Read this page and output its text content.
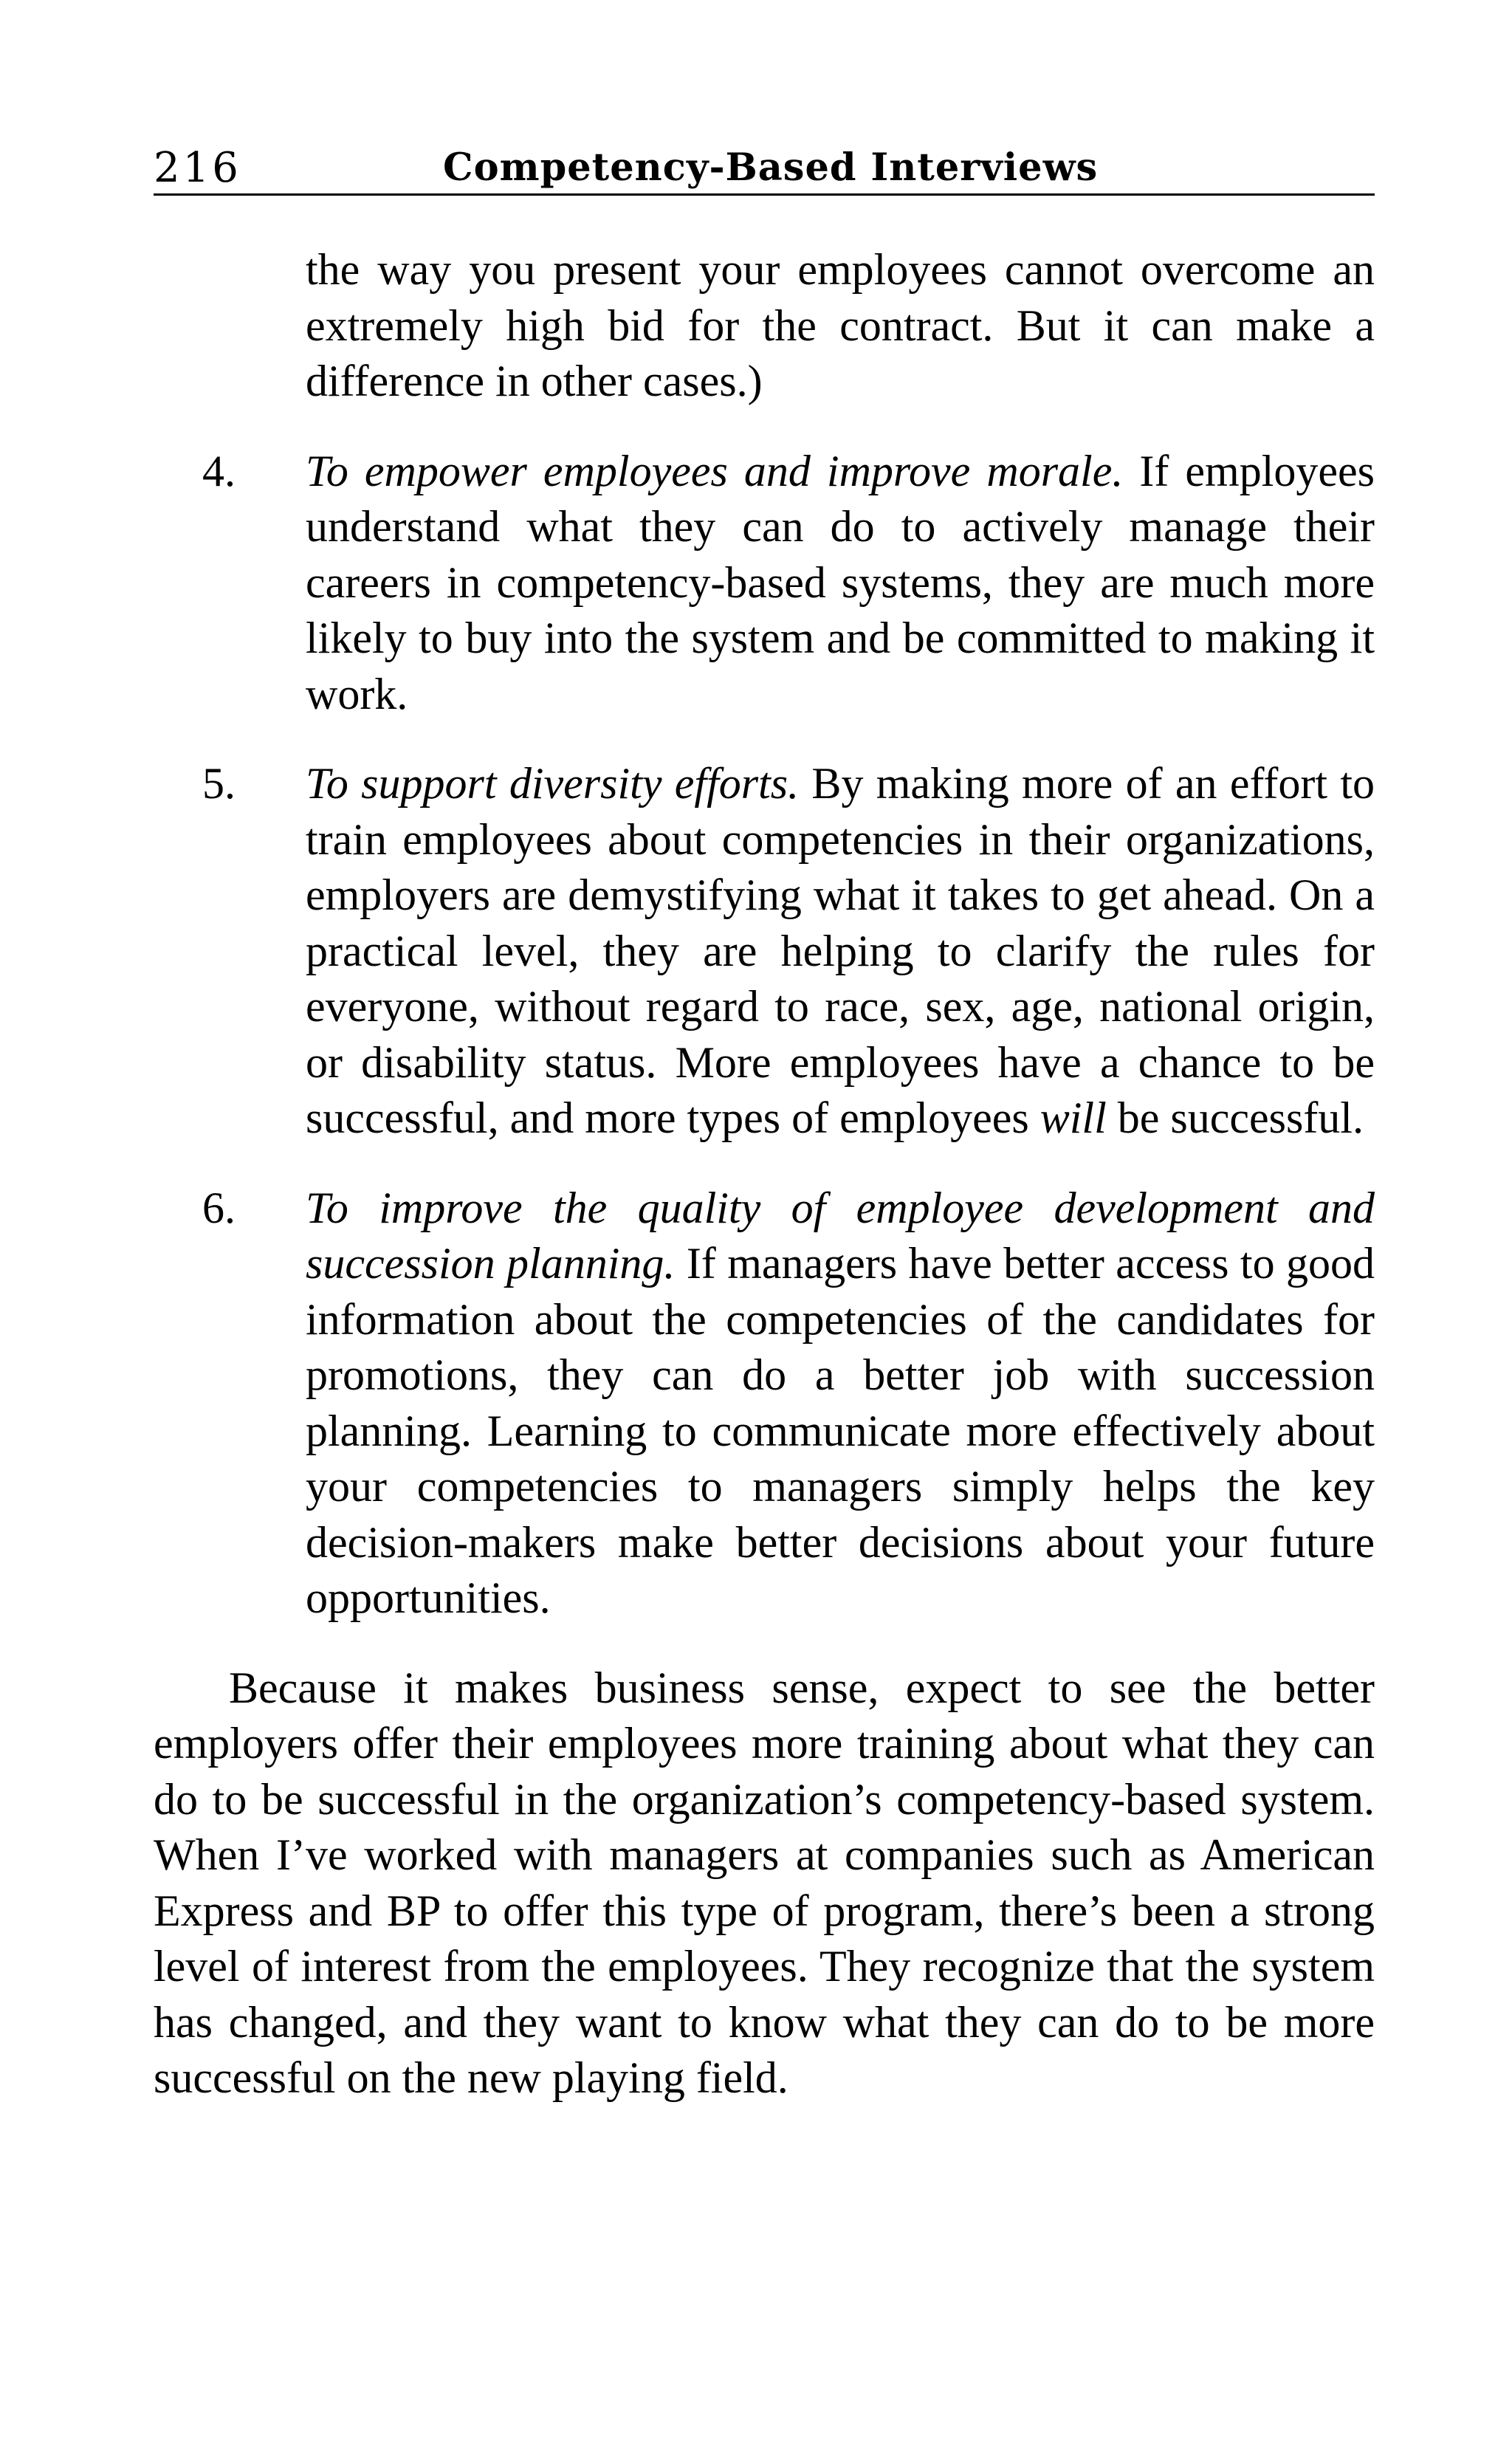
216	Competency-Based Interviews

the way you present your employees cannot overcome an extremely high bid for the contract. But it can make a difference in other cases.)

4. To empower employees and improve morale. If employees understand what they can do to actively manage their careers in competency-based systems, they are much more likely to buy into the system and be committed to making it work.

5. To support diversity efforts. By making more of an effort to train employees about competencies in their organizations, employers are demystifying what it takes to get ahead. On a practical level, they are helping to clarify the rules for everyone, without regard to race, sex, age, national origin, or disability status. More employees have a chance to be successful, and more types of employees will be successful.

6. To improve the quality of employee development and succession planning. If managers have better access to good information about the competencies of the candidates for promotions, they can do a better job with succession planning. Learning to communicate more effectively about your competencies to managers simply helps the key decision-makers make better decisions about your future opportunities.

Because it makes business sense, expect to see the better employers offer their employees more training about what they can do to be successful in the organization’s competency-based system. When I’ve worked with managers at companies such as American Express and BP to offer this type of program, there’s been a strong level of interest from the employees. They recognize that the system has changed, and they want to know what they can do to be more successful on the new playing field.
